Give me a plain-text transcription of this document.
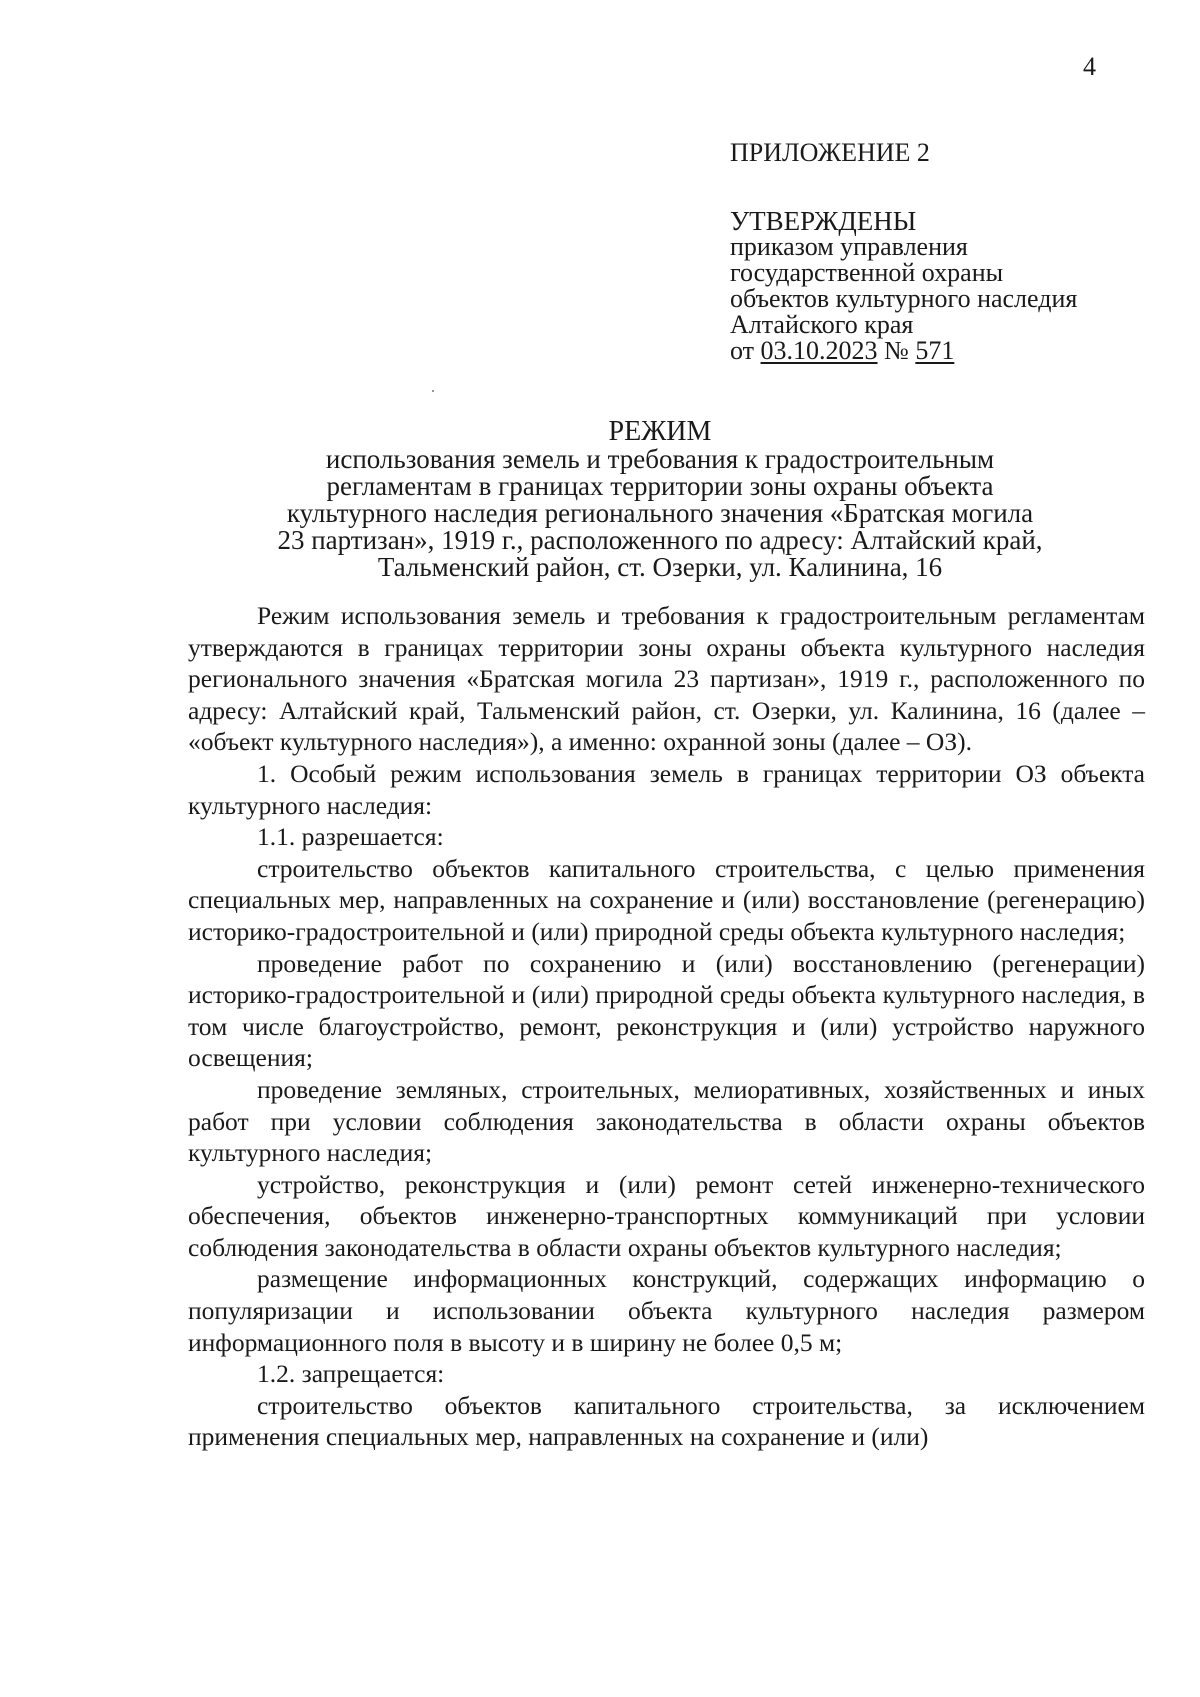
4
ПРИЛОЖЕНИЕ 2
УТВЕРЖДЕНЫ
приказом управления
государственной охраны
объектов культурного наследия
Алтайского края
от 03.10.2023 № 571
РЕЖИМ
использования земель и требования к градостроительным
регламентам в границах территории зоны охраны объекта
культурного наследия регионального значения «Братская могила
23 партизан», 1919 г., расположенного по адресу: Алтайский край,
Тальменский район, ст. Озерки, ул. Калинина, 16

Режим использования земель и требования к градостроительным регламентам утверждаются в границах территории зоны охраны объекта культурного наследия регионального значения «Братская могила 23 партизан», 1919 г., расположенного по адресу: Алтайский край, Тальменский район, ст. Озерки, ул. Калинина, 16 (далее – «объект культурного наследия»), а именно: охранной зоны (далее – ОЗ).

1. Особый режим использования земель в границах территории ОЗ объекта культурного наследия:

1.1. разрешается:

строительство объектов капитального строительства, с целью применения специальных мер, направленных на сохранение и (или) восстановление (регенерацию) историко-градостроительной и (или) природной среды объекта культурного наследия;

проведение работ по сохранению и (или) восстановлению (регенерации) историко-градостроительной и (или) природной среды объекта культурного наследия, в том числе благоустройство, ремонт, реконструкция и (или) устройство наружного освещения;

проведение земляных, строительных, мелиоративных, хозяйственных и иных работ при условии соблюдения законодательства в области охраны объектов культурного наследия;

устройство, реконструкция и (или) ремонт сетей инженерно-технического обеспечения, объектов инженерно-транспортных коммуникаций при условии соблюдения законодательства в области охраны объектов культурного наследия;

размещение информационных конструкций, содержащих информацию о популяризации и использовании объекта культурного наследия размером информационного поля в высоту и в ширину не более 0,5 м;

1.2. запрещается:

строительство объектов капитального строительства, за исключением применения специальных мер, направленных на сохранение и (или)
